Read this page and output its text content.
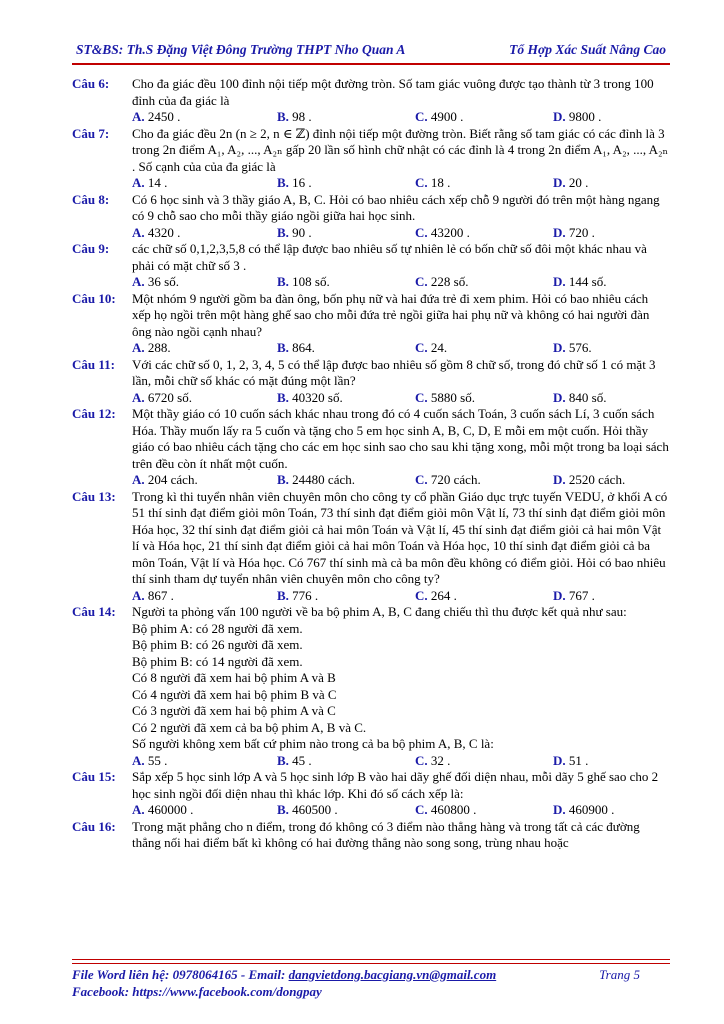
ST&BS: Th.S Đặng Việt Đông Trường THPT Nho Quan A	Tổ Hợp Xác Suất Nâng Cao
Câu 6: Cho đa giác đều 100 đỉnh nội tiếp một đường tròn. Số tam giác vuông được tạo thành từ 3 trong 100 đỉnh của đa giác là

A. 2450 .	B. 98 .	C. 4900 .	D. 9800 .
Câu 7: Cho đa giác đều 2n (n ≥ 2, n ∈ ℤ) đỉnh nội tiếp một đường tròn. Biết rằng số tam giác có các đỉnh là 3 trong 2n điểm A₁, A₂, ..., A₂ₙ gấp 20 lần số hình chữ nhật có các đỉnh là 4 trong 2n điểm A₁, A₂, ..., A₂ₙ . Số cạnh của của đa giác là

A. 14 .	B. 16 .	C. 18 .	D. 20 .
Câu 8: Có 6 học sinh và 3 thầy giáo A, B, C. Hỏi có bao nhiêu cách xếp chỗ 9 người đó trên một hàng ngang có 9 chỗ sao cho mỗi thầy giáo ngồi giữa hai học sinh.

A. 4320 .	B. 90 .	C. 43200 .	D. 720 .
Câu 9: các chữ số 0,1,2,3,5,8 có thể lập được bao nhiêu số tự nhiên lẻ có bốn chữ số đôi một khác nhau và phải có mặt chữ số 3 .

A. 36 số.	B. 108 số.	C. 228 số.	D. 144 số.
Câu 10: Một nhóm 9 người gồm ba đàn ông, bốn phụ nữ và hai đứa trẻ đi xem phim. Hỏi có bao nhiêu cách xếp họ ngồi trên một hàng ghế sao cho mỗi đứa trẻ ngồi giữa hai phụ nữ và không có hai người đàn ông nào ngồi cạnh nhau?

A. 288.	B. 864.	C. 24.	D. 576.
Câu 11: Với các chữ số 0, 1, 2, 3, 4, 5 có thể lập được bao nhiêu số gồm 8 chữ số, trong đó chữ số 1 có mặt 3 lần, mỗi chữ số khác có mặt đúng một lần?

A. 6720 số.	B. 40320 số.	C. 5880 số.	D. 840 số.
Câu 12: Một thầy giáo có 10 cuốn sách khác nhau trong đó có 4 cuốn sách Toán, 3 cuốn sách Lí, 3 cuốn sách Hóa. Thầy muốn lấy ra 5 cuốn và tặng cho 5 em học sinh A, B, C, D, E mỗi em một cuốn. Hỏi thầy giáo có bao nhiêu cách tặng cho các em học sinh sao cho sau khi tặng xong, mỗi một trong ba loại sách trên đều còn ít nhất một cuốn.

A. 204 cách.	B. 24480 cách.	C. 720 cách.	D. 2520 cách.
Câu 13: Trong kì thi tuyển nhân viên chuyên môn cho công ty cổ phần Giáo dục trực tuyến VEDU, ở khối A có 51 thí sinh đạt điểm giỏi môn Toán, 73 thí sinh đạt điểm giỏi môn Vật lí, 73 thí sinh đạt điểm giỏi môn Hóa học, 32 thí sinh đạt điểm giỏi cả hai môn Toán và Vật lí, 45 thí sinh đạt điểm giỏi cả hai môn Vật lí và Hóa học, 21 thí sinh đạt điểm giỏi cả hai môn Toán và Hóa học, 10 thí sinh đạt điểm giỏi cả ba môn Toán, Vật lí và Hóa học. Có 767 thí sinh mà cả ba môn đều không có điểm giỏi. Hỏi có bao nhiêu thí sinh tham dự tuyển nhân viên chuyên môn cho công ty?

A. 867 .	B. 776 .	C. 264 .	D. 767 .
Câu 14: Người ta phỏng vấn 100 người về ba bộ phim A, B, C đang chiếu thì thu được kết quả như sau:

Bộ phim A: có 28 người đã xem.

Bộ phim B: có 26 người đã xem.

Bộ phim B: có 14 người đã xem.

Có 8 người đã xem hai bộ phim A và B

Có 4 người đã xem hai bộ phim B và C

Có 3 người đã xem hai bộ phim A và C

Có 2 người đã xem cả ba bộ phim A, B và C.

Số người không xem bất cứ phim nào trong cả ba bộ phim A, B, C là:

A. 55 .	B. 45 .	C. 32 .	D. 51 .
Câu 15: Sắp xếp 5 học sinh lớp A và 5 học sinh lớp B vào hai dãy ghế đối diện nhau, mỗi dãy 5 ghế sao cho 2 học sinh ngồi đối diện nhau thì khác lớp. Khi đó số cách xếp là:

A. 460000 .	B. 460500 .	C. 460800 .	D. 460900 .
Câu 16: Trong mặt phẳng cho n điểm, trong đó không có 3 điểm nào thẳng hàng và trong tất cả các đường thẳng nối hai điểm bất kì không có hai đường thẳng nào song song, trùng nhau hoặc

File Word liên hệ: 0978064165 - Email: dangvietdong.bacgiang.vn@gmail.com	Trang 5
Facebook: https://www.facebook.com/dongpay
